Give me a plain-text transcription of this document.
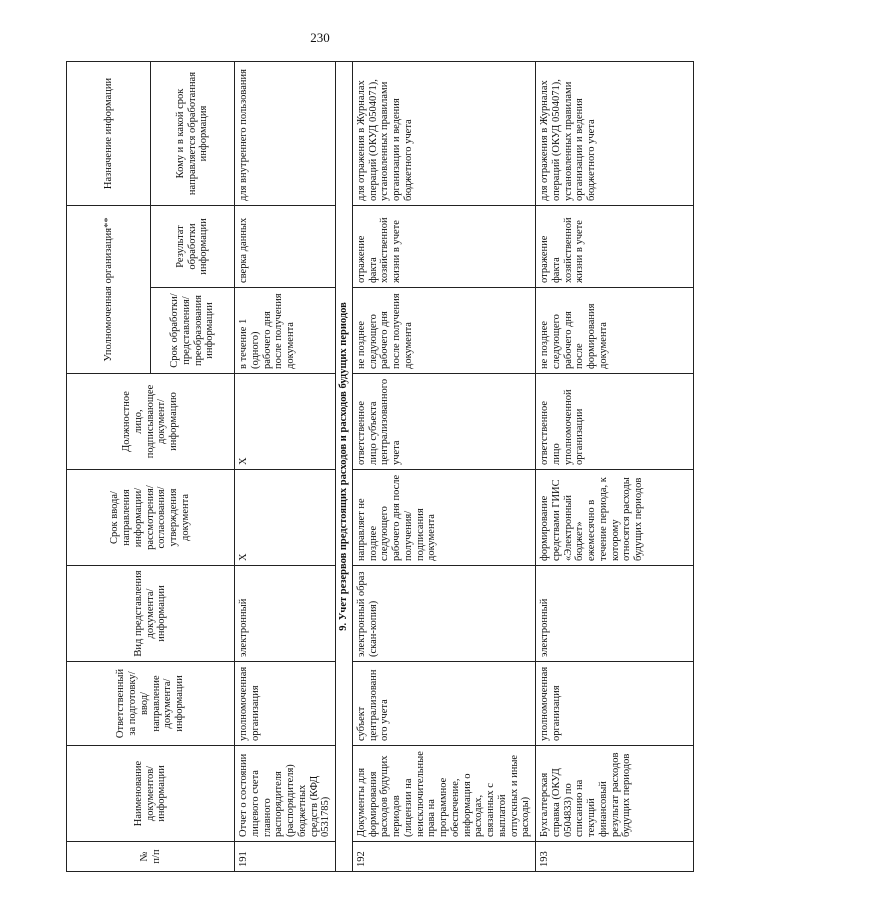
230
№ п/п	Наименование документов/информации	Ответственный за подготовку/ ввод/ направление документа/ информации	Вид представления документа/ информации	Срок ввода/ направления информации/ рассмотрения/ согласования/ утверждения документа	Должностное лицо, подписывающее документ/ информацию	Уполномоченная организация**		Назначение информации
						Срок обработки/ представления/ преобразования информации	Результат обработки информации	Кому и в какой срок направляется обработанная информация
191	Отчет о состоянии лицевого счета главного распорядителя (распорядителя) бюджетных средств (КФД 0531785)	уполномоченная организация	электронный	X	X	в течение 1 (одного) рабочего дня после получения документа	сверка данных	для внутреннего пользования
9. Учет резервов предстоящих расходов и расходов будущих периодов								
192	Документы для формирования расходов будущих периодов (лицензии на неисключительные права на программное обеспечение, информация о расходах, связанных с выплатой отпускных и иные расходы)	субъект централизованного учета	электронный образ (скан-копия)	направляет не позднее следующего рабочего дня после получения/подписания документа	ответственное лицо субъекта централизованного учета	не позднее следующего рабочего дня после получения документа	отражение факта хозяйственной жизни в учете	для отражения в Журналах операций (ОКУД 0504071), установленных правилами организации и ведения бюджетного учета
193	Бухгалтерская справка (ОКУД 0504833) по списанию на текущий финансовый результат расходов будущих периодов	уполномоченная организация	электронный	формирование средствами ГИИС «Электронный бюджет» ежемесячно в течение периода, к которому относятся расходы будущих периодов	ответственное лицо уполномоченной организации	не позднее следующего рабочего дня после формирования документа	отражение факта хозяйственной жизни в учете	для отражения в Журналах операций (ОКУД 0504071), установленных правилами организации и ведения бюджетного учета
